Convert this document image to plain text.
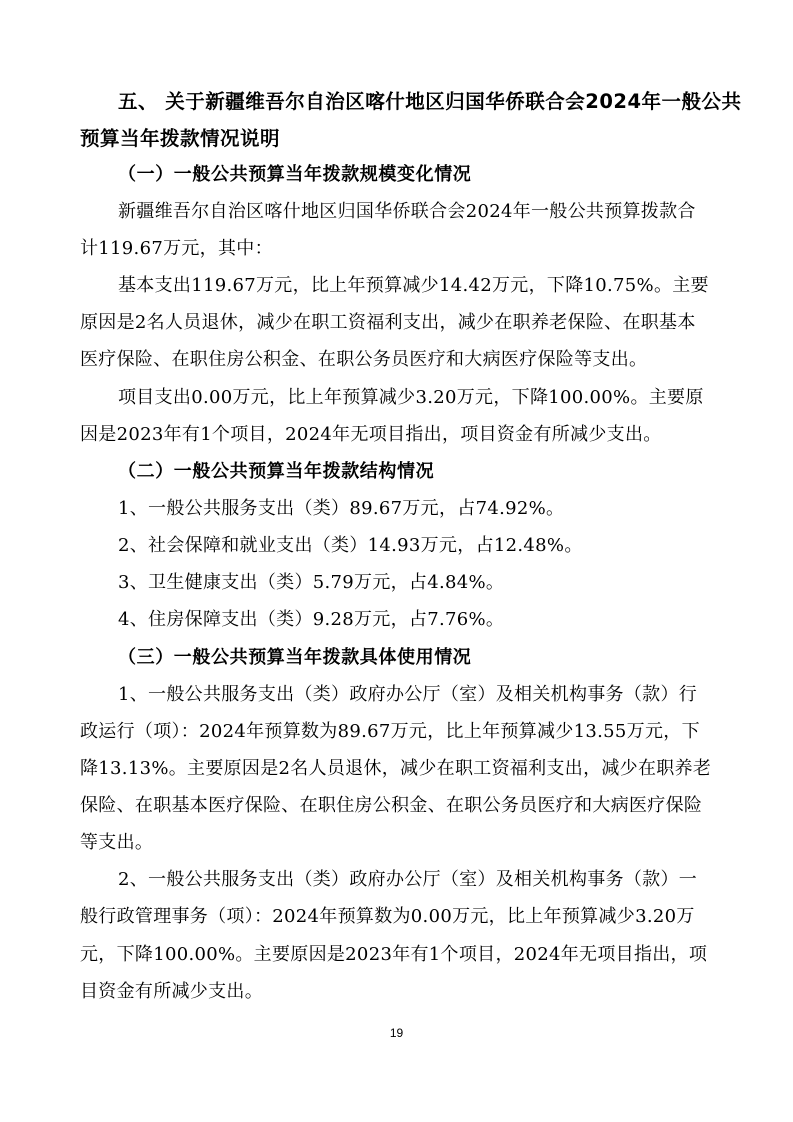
五、 关于新疆维吾尔自治区喀什地区归国华侨联合会2024年一般公共
预算当年拨款情况说明
（一）一般公共预算当年拨款规模变化情况
新疆维吾尔自治区喀什地区归国华侨联合会2024年一般公共预算拨款合
计119.67万元，其中：
基本支出119.67万元，比上年预算减少14.42万元，下降10.75%。主要
原因是2名人员退休，减少在职工资福利支出，减少在职养老保险、在职基本
医疗保险、在职住房公积金、在职公务员医疗和大病医疗保险等支出。
项目支出0.00万元，比上年预算减少3.20万元，下降100.00%。主要原
因是2023年有1个项目，2024年无项目指出，项目资金有所减少支出。
（二）一般公共预算当年拨款结构情况
1、一般公共服务支出（类）89.67万元，占74.92%。
2、社会保障和就业支出（类）14.93万元，占12.48%。
3、卫生健康支出（类）5.79万元，占4.84%。
4、住房保障支出（类）9.28万元，占7.76%。
（三）一般公共预算当年拨款具体使用情况
1、一般公共服务支出（类）政府办公厅（室）及相关机构事务（款）行
政运行（项）：2024年预算数为89.67万元，比上年预算减少13.55万元，下
降13.13%。主要原因是2名人员退休，减少在职工资福利支出，减少在职养老
保险、在职基本医疗保险、在职住房公积金、在职公务员医疗和大病医疗保险
等支出。
2、一般公共服务支出（类）政府办公厅（室）及相关机构事务（款）一
般行政管理事务（项）：2024年预算数为0.00万元，比上年预算减少3.20万
元，下降100.00%。主要原因是2023年有1个项目，2024年无项目指出，项
目资金有所减少支出。
19
